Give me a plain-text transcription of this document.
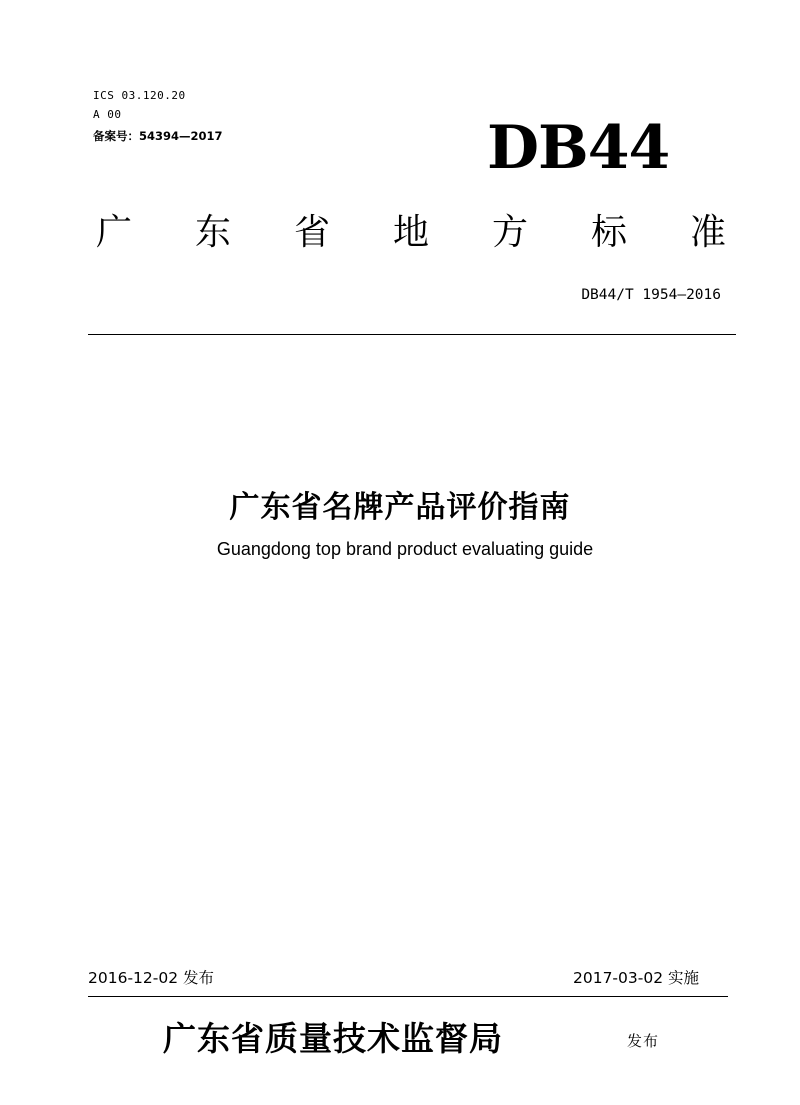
ICS 03.120.20
A 00
备案号：54394—2017	DB44
广 东 省 地 方 标 准
DB44/T 1954—2016
广东省名牌产品评价指南
Guangdong top brand product evaluating guide
2016-12-02 发布	2017-03-02 实施
广东省质量技术监督局	发布
